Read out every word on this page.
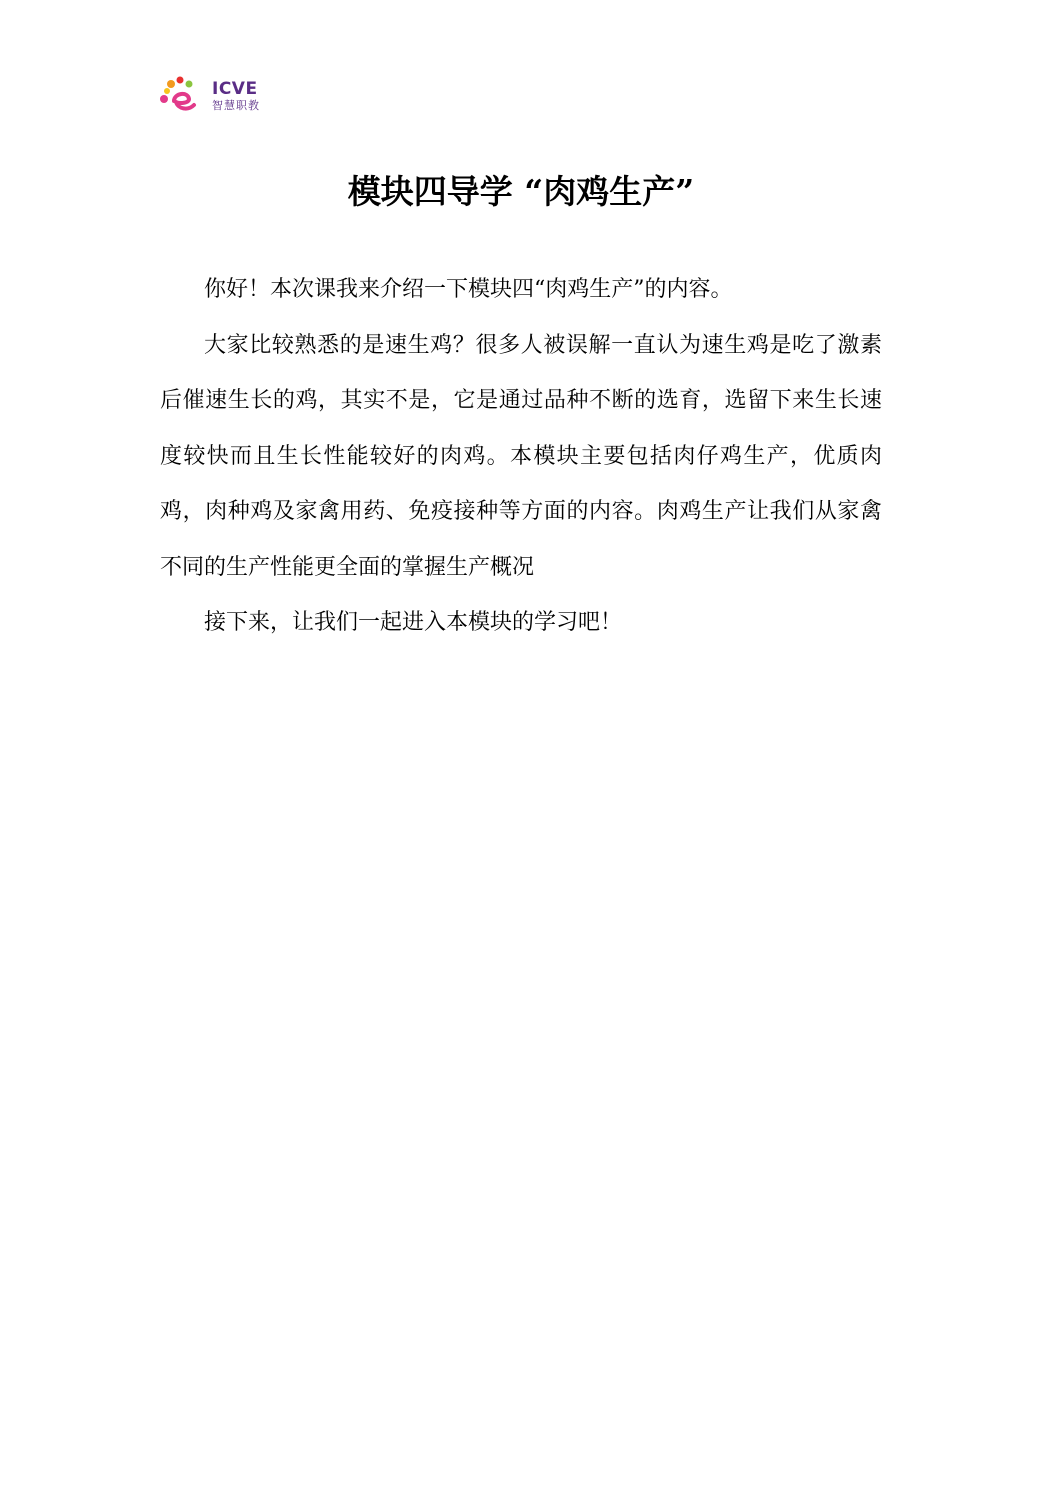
ICVE
智慧职教
模块四导学 “肉鸡生产”

你好！本次课我来介绍一下模块四“肉鸡生产”的内容。

大家比较熟悉的是速生鸡？很多人被误解一直认为速生鸡是吃了激素后催速生长的鸡，其实不是，它是通过品种不断的选育，选留下来生长速度较快而且生长性能较好的肉鸡。本模块主要包括肉仔鸡生产，优质肉鸡，肉种鸡及家禽用药、免疫接种等方面的内容。肉鸡生产让我们从家禽不同的生产性能更全面的掌握生产概况

接下来，让我们一起进入本模块的学习吧！
